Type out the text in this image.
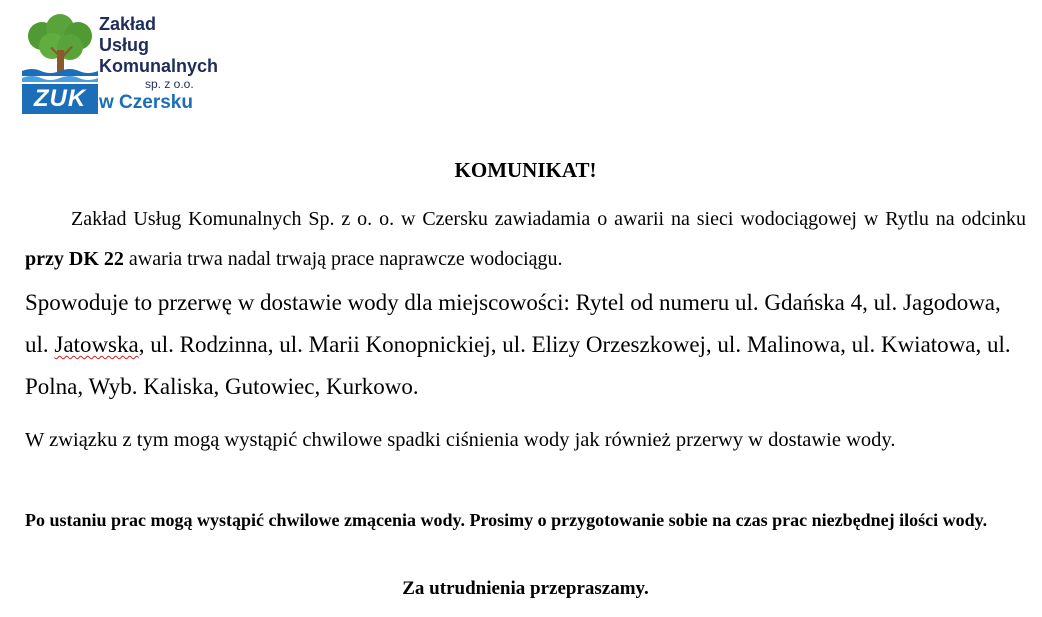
ZUK
Zakład
Usług
Komunalnych
sp. z o.o.
w Czersku
KOMUNIKAT!
Zakład Usług Komunalnych Sp. z o. o. w Czersku zawiadamia o awarii na sieci wodociągowej w Rytlu na odcinku przy DK 22 awaria trwa nadal trwają prace naprawcze wodociągu.
Spowoduje to przerwę w dostawie wody dla miejscowości: Rytel od numeru ul. Gdańska 4, ul. Jagodowa, ul. Jatowska, ul. Rodzinna, ul. Marii Konopnickiej, ul. Elizy Orzeszkowej, ul. Malinowa, ul. Kwiatowa, ul. Polna, Wyb. Kaliska, Gutowiec, Kurkowo.
W związku z tym mogą wystąpić chwilowe spadki ciśnienia wody jak również przerwy w dostawie wody.
Po ustaniu prac mogą wystąpić chwilowe zmącenia wody. Prosimy o przygotowanie sobie na czas prac niezbędnej ilości wody.
Za utrudnienia przepraszamy.
